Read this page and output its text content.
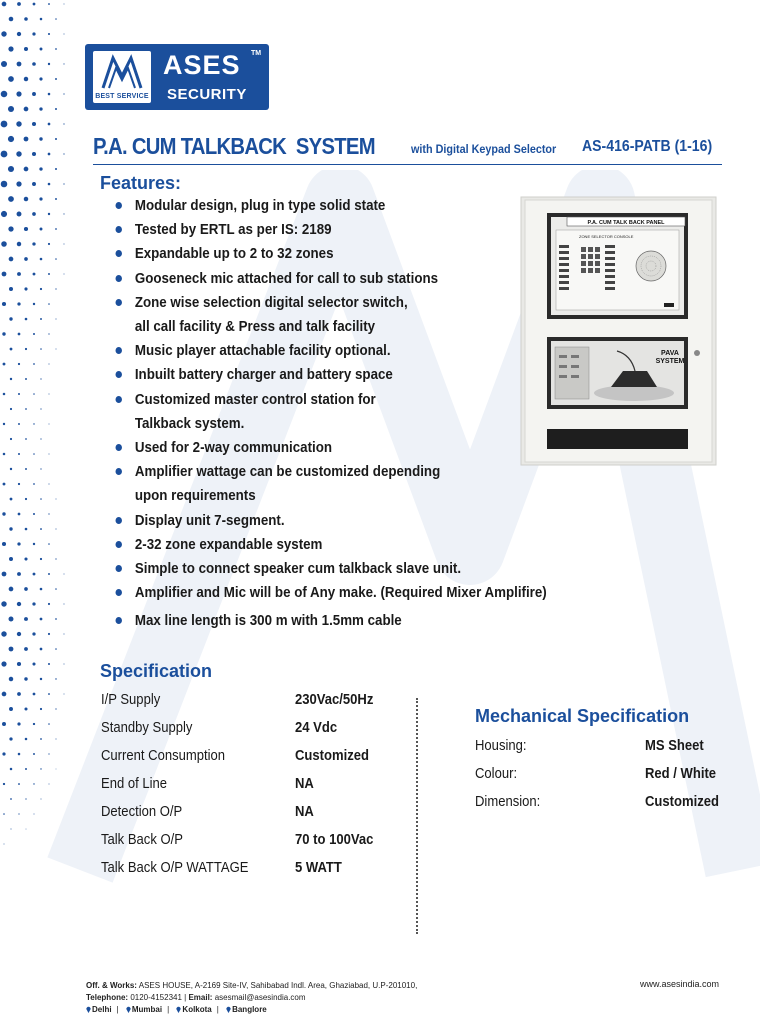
BEST SERVICE
ASES TM
SECURITY
P.A. CUM TALKBACK  SYSTEM	with Digital Keypad Selector AS-416-PATB (1-16)
Features:
Modular design, plug in type solid state
Tested by ERTL as per IS: 2189
Expandable up to 2 to 32 zones
Gooseneck mic attached for call to sub stations
Zone wise selection digital selector switch,
all call facility & Press and talk facility
Music player attachable facility optional.
Inbuilt battery charger and battery space
Customized master control station for
Talkback system.
Used for 2-way communication
Amplifier wattage can be customized depending
upon requirements
Display unit 7-segment.
2-32 zone expandable system
Simple to connect speaker cum talkback slave unit.
Amplifier and Mic will be of Any make. (Required Mixer Amplifire)
Max line length is 300 m with 1.5mm cable
P.A. CUM TALK BACK PANEL
ZONE SELECTOR CONSOLE
PAVA
SYSTEM
Specification
I/P Supply	230Vac/50Hz
Standby Supply	24 Vdc
Current Consumption	Customized
End of Line	NA
Detection O/P	NA
Talk Back O/P	70 to 100Vac
Talk Back O/P WATTAGE	5 WATT
Mechanical Specification
Housing:	MS Sheet
Colour:	Red / White
Dimension:	Customized
Off. & Works: ASES HOUSE, A-2169 Site-IV, Sahibabad Indl. Area, Ghaziabad, U.P-201010,
Telephone: 0120-4152341 | Email: asesmail@asesindia.com
Delhi | Mumbai | Kolkota | Banglore
www.asesindia.com
